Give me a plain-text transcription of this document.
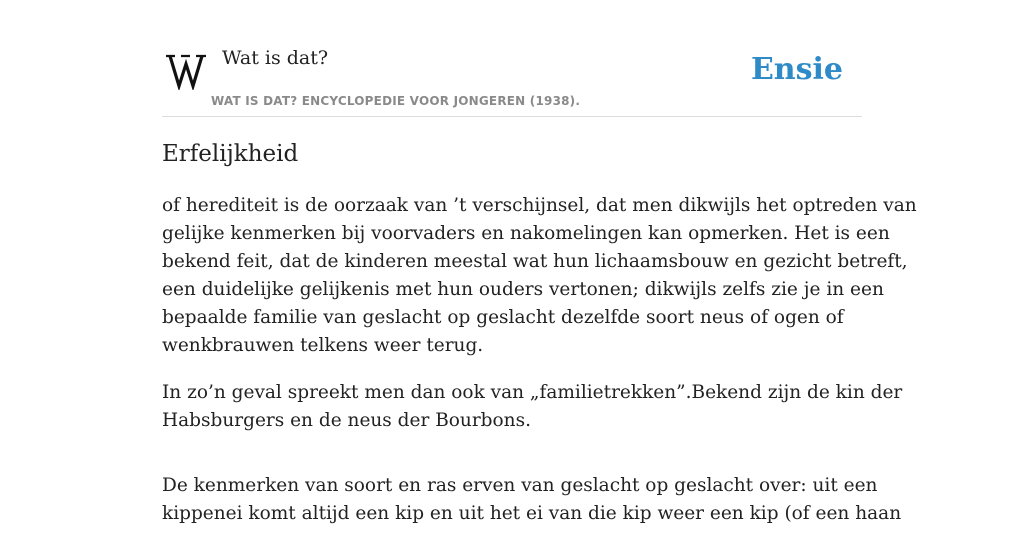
Wat is dat?
WAT IS DAT? ENCYCLOPEDIE VOOR JONGEREN (1938).
Ensie
Erfelijkheid

of herediteit is de oorzaak van ’t verschijnsel, dat men dikwijls het optreden van
gelijke kenmerken bij voorvaders en nakomelingen kan opmerken. Het is een
bekend feit, dat de kinderen meestal wat hun lichaamsbouw en gezicht betreft,
een duidelijke gelijkenis met hun ouders vertonen; dikwijls zelfs zie je in een
bepaalde familie van geslacht op geslacht dezelfde soort neus of ogen of
wenkbrauwen telkens weer terug.

In zo’n geval spreekt men dan ook van „familietrekken”.Bekend zijn de kin der
Habsburgers en de neus der Bourbons.

De kenmerken van soort en ras erven van geslacht op geslacht over: uit een
kippenei komt altijd een kip en uit het ei van die kip weer een kip (of een haan
